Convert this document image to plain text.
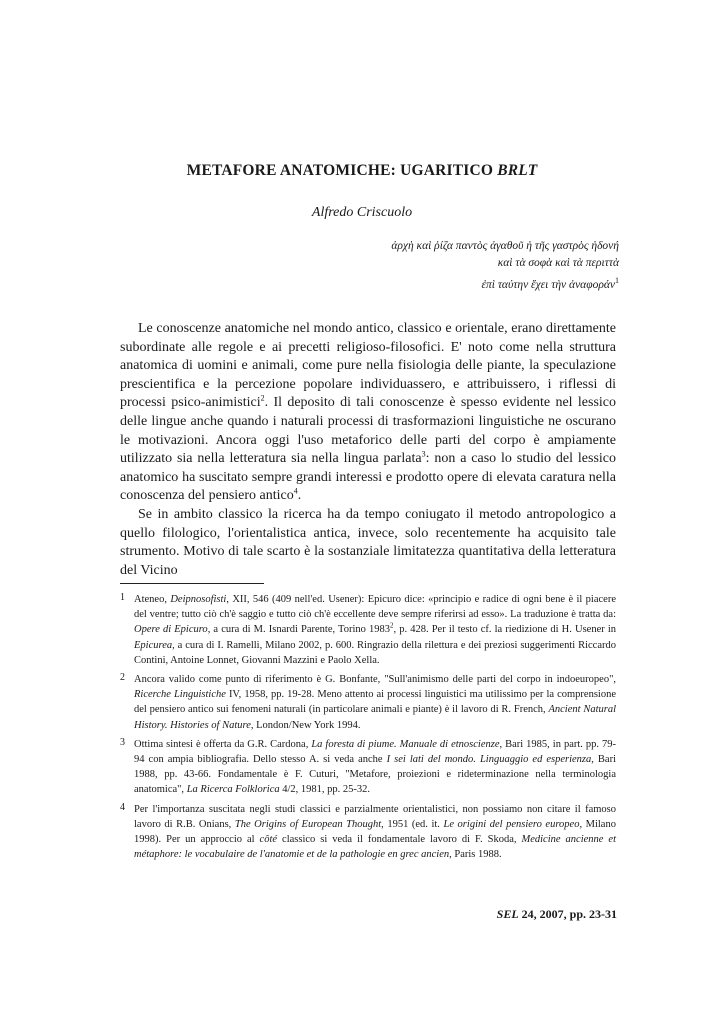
METAFORE ANATOMICHE: UGARITICO BRLT
Alfredo Criscuolo
ἀρχὴ καὶ ῥίζα παντὸς ἀγαθοῦ ἡ τῆς γαστρὸς ἡδονή
καὶ τὰ σοφὰ καὶ τὰ περιττὰ
ἐπὶ ταύτην ἔχει τὴν ἀναφοράν$^1$

Le conoscenze anatomiche nel mondo antico, classico e orientale, erano direttamente subordinate alle regole e ai precetti religioso-filosofici. E' noto come nella struttura anatomica di uomini e animali, come pure nella fisiologia delle piante, la speculazione prescientifica e la percezione popolare individuassero, e attribuissero, i riflessi di processi psico-animistici$^2$. Il deposito di tali conoscenze è spesso evidente nel lessico delle lingue anche quando i naturali processi di trasformazioni linguistiche ne oscurano le motivazioni. Ancora oggi l'uso metaforico delle parti del corpo è ampiamente utilizzato sia nella letteratura sia nella lingua parlata$^3$: non a caso lo studio del lessico anatomico ha suscitato sempre grandi interessi e prodotto opere di elevata caratura nella conoscenza del pensiero antico$^4$.

Se in ambito classico la ricerca ha da tempo coniugato il metodo antropologico a quello filologico, l'orientalistica antica, invece, solo recentemente ha acquisito tale strumento. Motivo di tale scarto è la sostanziale limitatezza quantitativa della letteratura del Vicino

1 Ateneo, Deipnosofisti, XII, 546 (409 nell'ed. Usener): Epicuro dice: «principio e radice di ogni bene è il piacere del ventre; tutto ciò ch'è saggio e tutto ciò ch'è eccellente deve sempre riferirsi ad esso». La traduzione è tratta da: Opere di Epicuro, a cura di M. Isnardi Parente, Torino 1983$^2$, p. 428. Per il testo cf. la riedizione di H. Usener in Epicurea, a cura di I. Ramelli, Milano 2002, p. 600. Ringrazio della rilettura e dei preziosi suggerimenti Riccardo Contini, Antoine Lonnet, Giovanni Mazzini e Paolo Xella.
2 Ancora valido come punto di riferimento è G. Bonfante, "Sull'animismo delle parti del corpo in indoeuropeo", Ricerche Linguistiche IV, 1958, pp. 19-28. Meno attento ai processi linguistici ma utilissimo per la comprensione del pensiero antico sui fenomeni naturali (in particolare animali e piante) è il lavoro di R. French, Ancient Natural History. Histories of Nature, London/New York 1994.
3 Ottima sintesi è offerta da G.R. Cardona, La foresta di piume. Manuale di etnoscienze, Bari 1985, in part. pp. 79-94 con ampia bibliografia. Dello stesso A. si veda anche I sei lati del mondo. Linguaggio ed esperienza, Bari 1988, pp. 43-66. Fondamentale è F. Cuturi, "Metafore, proiezioni e rideterminazione nella terminologia anatomica", La Ricerca Folklorica 4/2, 1981, pp. 25-32.
4 Per l'importanza suscitata negli studi classici e parzialmente orientalistici, non possiamo non citare il famoso lavoro di R.B. Onians, The Origins of European Thought, 1951 (ed. it. Le origini del pensiero europeo, Milano 1998). Per un approccio al côté classico si veda il fondamentale lavoro di F. Skoda, Medicine ancienne et métaphore: le vocabulaire de l'anatomie et de la pathologie en grec ancien, Paris 1988.
SEL 24, 2007, pp. 23-31
